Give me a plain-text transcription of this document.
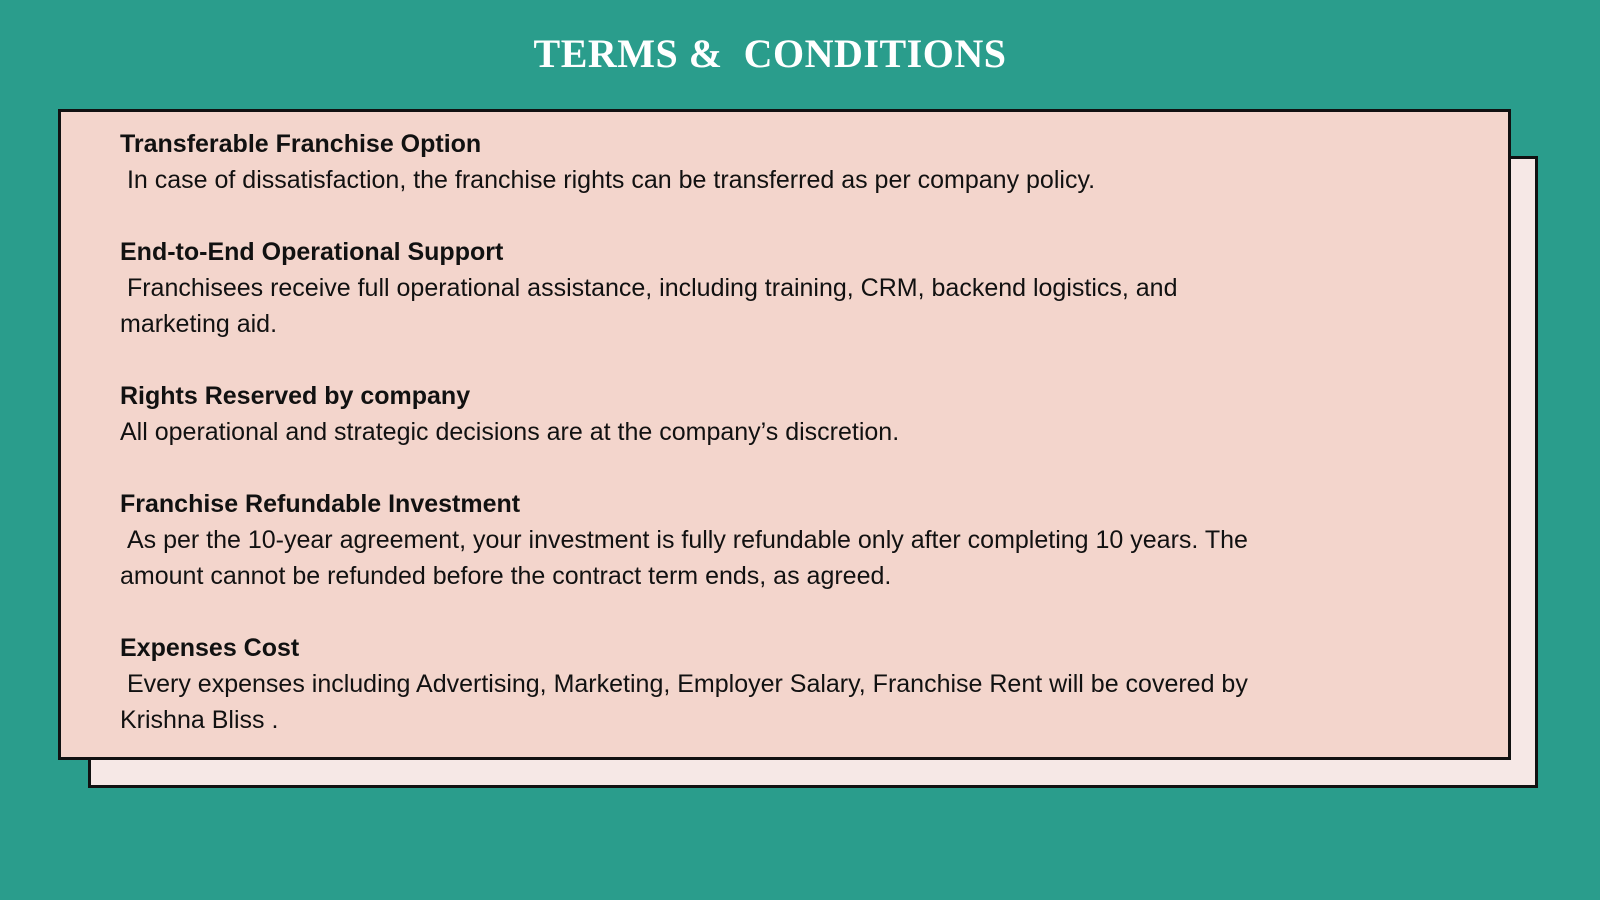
TERMS &  CONDITIONS
Transferable Franchise Option
In case of dissatisfaction, the franchise rights can be transferred as per company policy.
End-to-End Operational Support
Franchisees receive full operational assistance, including training, CRM, backend logistics, and
marketing aid.
Rights Reserved by company
All operational and strategic decisions are at the company’s discretion.
Franchise Refundable Investment
As per the 10-year agreement, your investment is fully refundable only after completing 10 years. The
amount cannot be refunded before the contract term ends, as agreed.
Expenses Cost
Every expenses including Advertising, Marketing, Employer Salary, Franchise Rent will be covered by
Krishna Bliss .
